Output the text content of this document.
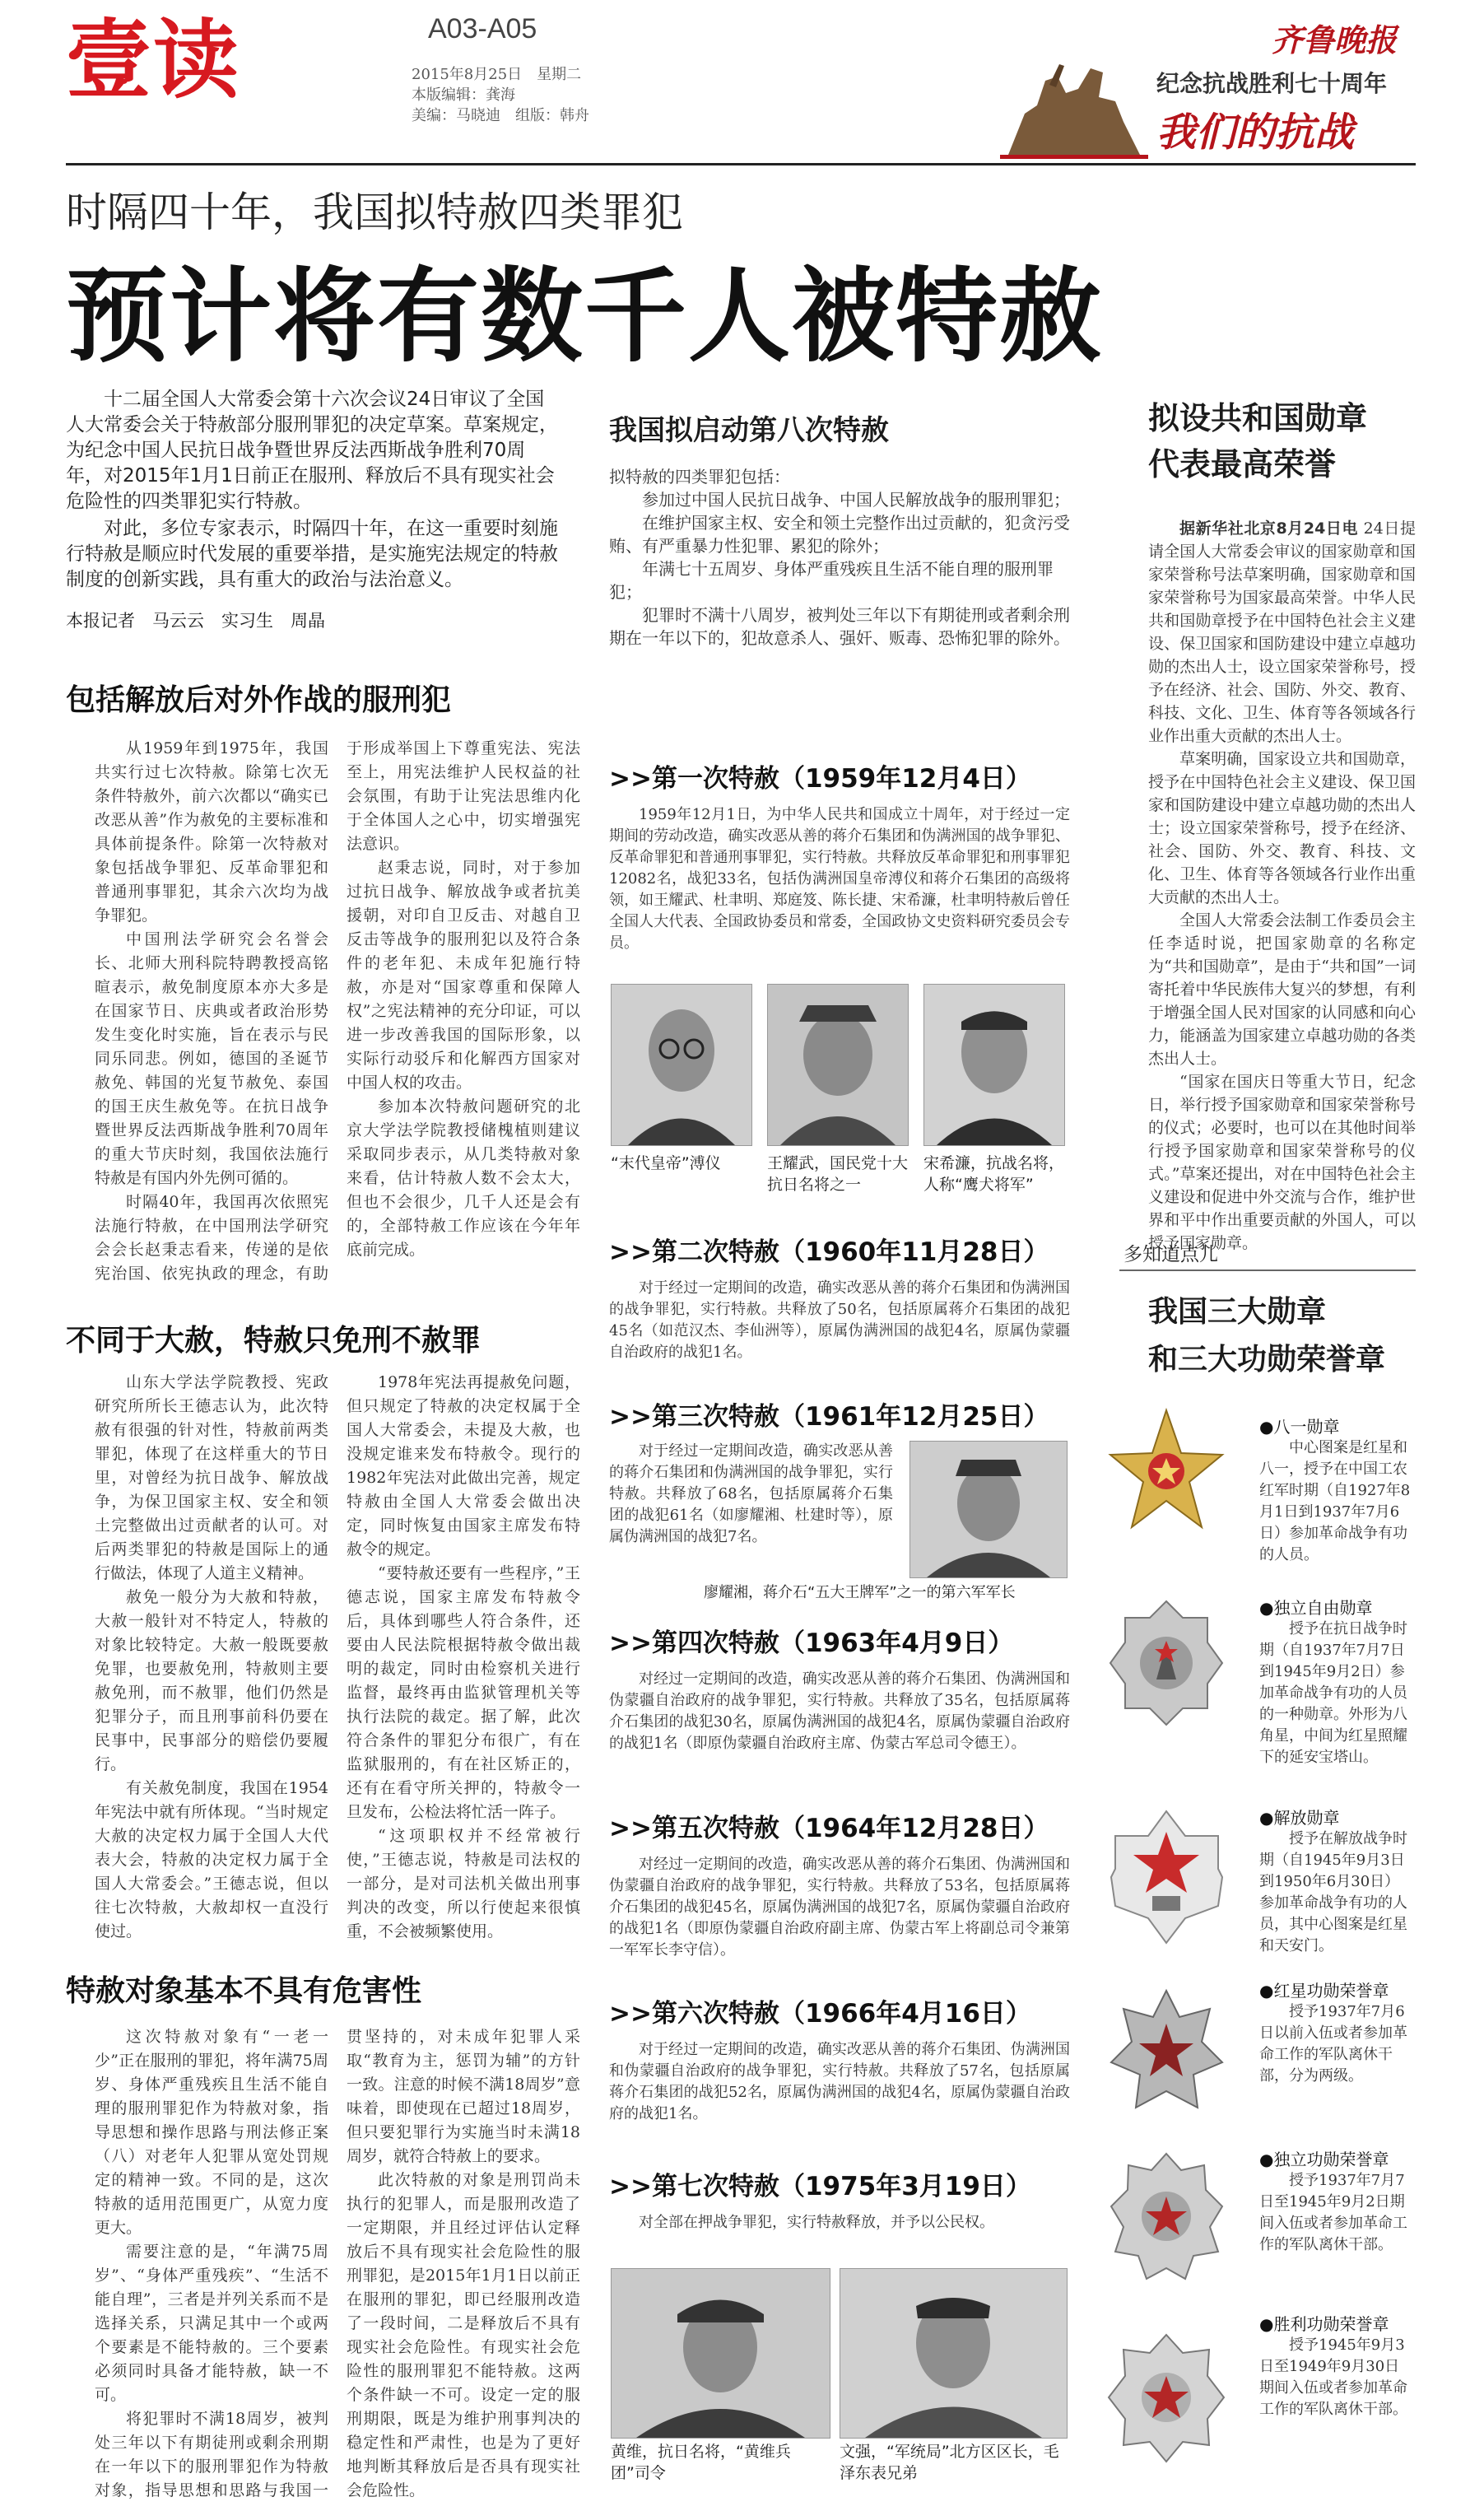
壹读	A03-A05
2015年8月25日　星期二
本版编辑：龚海
美编：马晓迪　组版：韩舟
齐鲁晚报
纪念抗战胜利七十周年
我们的抗战
时隔四十年，我国拟特赦四类罪犯
预计将有数千人被特赦

十二届全国人大常委会第十六次会议24日审议了全国人大常委会关于特赦部分服刑罪犯的决定草案。草案规定，为纪念中国人民抗日战争暨世界反法西斯战争胜利70周年，对2015年1月1日前正在服刑、释放后不具有现实社会危险性的四类罪犯实行特赦。

对此，多位专家表示，时隔四十年，在这一重要时刻施行特赦是顺应时代发展的重要举措，是实施宪法规定的特赦制度的创新实践，具有重大的政治与法治意义。

本报记者　马云云　实习生　周晶
包括解放后对外作战的服刑犯

从1959年到1975年，我国共实行过七次特赦。除第七次无条件特赦外，前六次都以“确实已改恶从善”作为赦免的主要标准和具体前提条件。除第一次特赦对象包括战争罪犯、反革命罪犯和普通刑事罪犯，其余六次均为战争罪犯。

中国刑法学研究会名誉会长、北师大刑科院特聘教授高铭暄表示，赦免制度原本亦大多是在国家节日、庆典或者政治形势发生变化时实施，旨在表示与民同乐同悲。例如，德国的圣诞节赦免、韩国的光复节赦免、泰国的国王庆生赦免等。在抗日战争暨世界反法西斯战争胜利70周年的重大节庆时刻，我国依法施行特赦是有国内外先例可循的。

时隔40年，我国再次依照宪法施行特赦，在中国刑法学研究会会长赵秉志看来，传递的是依宪治国、依宪执政的理念，有助于形成举国上下尊重宪法、宪法至上，用宪法维护人民权益的社会氛围，有助于让宪法思维内化于全体国人之心中，切实增强宪法意识。

赵秉志说，同时，对于参加过抗日战争、解放战争或者抗美援朝，对印自卫反击、对越自卫反击等战争的服刑犯以及符合条件的老年犯、未成年犯施行特赦，亦是对“国家尊重和保障人权”之宪法精神的充分印证，可以进一步改善我国的国际形象，以实际行动驳斥和化解西方国家对中国人权的攻击。

参加本次特赦问题研究的北京大学法学院教授储槐植则建议采取同步表示，从几类特赦对象来看，估计特赦人数不会太大，但也不会很少，几千人还是会有的，全部特赦工作应该在今年年底前完成。

不同于大赦，特赦只免刑不赦罪

山东大学法学院教授、宪政研究所所长王德志认为，此次特赦有很强的针对性，特赦前两类罪犯，体现了在这样重大的节日里，对曾经为抗日战争、解放战争，为保卫国家主权、安全和领土完整做出过贡献者的认可。对后两类罪犯的特赦是国际上的通行做法，体现了人道主义精神。

赦免一般分为大赦和特赦，大赦一般针对不特定人，特赦的对象比较特定。大赦一般既要赦免罪，也要赦免刑，特赦则主要赦免刑，而不赦罪，他们仍然是犯罪分子，而且刑事前科仍要在民事中，民事部分的赔偿仍要履行。

有关赦免制度，我国在1954年宪法中就有所体现。“当时规定大赦的决定权力属于全国人大代表大会，特赦的决定权力属于全国人大常委会。”王德志说，但以往七次特赦，大赦却权一直没行使过。

1978年宪法再提赦免问题，但只规定了特赦的决定权属于全国人大常委会，未提及大赦，也没规定谁来发布特赦令。现行的1982年宪法对此做出完善，规定特赦由全国人大常委会做出决定，同时恢复由国家主席发布特赦令的规定。

“要特赦还要有一些程序，”王德志说，国家主席发布特赦令后，具体到哪些人符合条件，还要由人民法院根据特赦令做出裁明的裁定，同时由检察机关进行监督，最终再由监狱管理机关等执行法院的裁定。据了解，此次符合条件的罪犯分布很广，有在监狱服刑的，有在社区矫正的，还有在看守所关押的，特赦令一旦发布，公检法将忙活一阵子。

“这项职权并不经常被行使，”王德志说，特赦是司法权的一部分，是对司法机关做出刑事判决的改变，所以行使起来很慎重，不会被频繁使用。

特赦对象基本不具有危害性

这次特赦对象有“一老一少”正在服刑的罪犯，将年满75周岁、身体严重残疾且生活不能自理的服刑罪犯作为特赦对象，指导思想和操作思路与刑法修正案（八）对老年人犯罪从宽处罚规定的精神一致。不同的是，这次特赦的适用范围更广，从宽力度更大。

需要注意的是，“年满75周岁”、“身体严重残疾”、“生活不能自理”，三者是并列关系而不是选择关系，只满足其中一个或两个要素是不能特赦的。三个要素必须同时具备才能特赦，缺一不可。

将犯罪时不满18周岁，被判处三年以下有期徒刑或剩余刑期在一年以下的服刑罪犯作为特赦对象，指导思想和思路与我国一贯坚持的，对未成年犯罪人采取“教育为主，惩罚为辅”的方针一致。注意的时候不满18周岁”意味着，即使现在已超过18周岁，但只要犯罪行为实施当时未满18周岁，就符合特赦上的要求。

此次特赦的对象是刑罚尚未执行的犯罪人，而是服刑改造了一定期限，并且经过评估认定释放后不具有现实社会危险性的服刑罪犯，是2015年1月1日以前正在服刑的罪犯，即已经服刑改造了一段时间，二是释放后不具有现实社会危险性。有现实社会危险性的服刑罪犯不能特赦。这两个条件缺一不可。设定一定的服刑期限，既是为维护刑事判决的稳定性和严肃性，也是为了更好地判断其释放后是否具有现实社会危险性。

我国拟启动第八次特赦

拟特赦的四类罪犯包括：

参加过中国人民抗日战争、中国人民解放战争的服刑罪犯；

在维护国家主权、安全和领土完整作出过贡献的，犯贪污受贿、有严重暴力性犯罪、累犯的除外；

年满七十五周岁、身体严重残疾且生活不能自理的服刑罪犯；

犯罪时不满十八周岁，被判处三年以下有期徒刑或者剩余刑期在一年以下的，犯故意杀人、强奸、贩毒、恐怖犯罪的除外。

>>第一次特赦（1959年12月4日）

1959年12月1日，为中华人民共和国成立十周年，对于经过一定期间的劳动改造，确实改恶从善的蒋介石集团和伪满洲国的战争罪犯、反革命罪犯和普通刑事罪犯，实行特赦。共释放反革命罪犯和刑事罪犯12082名，战犯33名，包括伪满洲国皇帝溥仪和蒋介石集团的高级将领，如王耀武、杜聿明、郑庭笈、陈长捷、宋希濂，杜聿明特赦后曾任全国人大代表、全国政协委员和常委，全国政协文史资料研究委员会专员。

“末代皇帝”溥仪	王耀武，国民党十大抗日名将之一
宋希濂，抗战名将，人称“鹰犬将军”
>>第二次特赦（1960年11月28日）

对于经过一定期间的改造，确实改恶从善的蒋介石集团和伪满洲国的战争罪犯，实行特赦。共释放了50名，包括原属蒋介石集团的战犯45名（如范汉杰、李仙洲等），原属伪满洲国的战犯4名，原属伪蒙疆自治政府的战犯1名。

>>第三次特赦（1961年12月25日）

对于经过一定期间改造，确实改恶从善的蒋介石集团和伪满洲国的战争罪犯，实行特赦。共释放了68名，包括原属蒋介石集团的战犯61名（如廖耀湘、杜建时等），原属伪满洲国的战犯7名。

廖耀湘，蒋介石“五大王牌军”之一的第六军军长
>>第四次特赦（1963年4月9日）

对经过一定期间的改造，确实改恶从善的蒋介石集团、伪满洲国和伪蒙疆自治政府的战争罪犯，实行特赦。共释放了35名，包括原属蒋介石集团的战犯30名，原属伪满洲国的战犯4名，原属伪蒙疆自治政府的战犯1名（即原伪蒙疆自治政府主席、伪蒙古军总司令德王）。

>>第五次特赦（1964年12月28日）

对经过一定期间的改造，确实改恶从善的蒋介石集团、伪满洲国和伪蒙疆自治政府的战争罪犯，实行特赦。共释放了53名，包括原属蒋介石集团的战犯45名，原属伪满洲国的战犯7名，原属伪蒙疆自治政府的战犯1名（即原伪蒙疆自治政府副主席、伪蒙古军上将副总司令兼第一军军长李守信）。

>>第六次特赦（1966年4月16日）

对于经过一定期间的改造，确实改恶从善的蒋介石集团、伪满洲国和伪蒙疆自治政府的战争罪犯，实行特赦。共释放了57名，包括原属蒋介石集团的战犯52名，原属伪满洲国的战犯4名，原属伪蒙疆自治政府的战犯1名。

>>第七次特赦（1975年3月19日）

对全部在押战争罪犯，实行特赦释放，并予以公民权。

黄维，抗日名将，“黄维兵团”司令
文强，“军统局”北方区区长，毛泽东表兄弟
拟设共和国勋章
代表最高荣誉

据新华社北京8月24日电 24日提请全国人大常委会审议的国家勋章和国家荣誉称号法草案明确，国家勋章和国家荣誉称号为国家最高荣誉。中华人民共和国勋章授予在中国特色社会主义建设、保卫国家和国防建设中建立卓越功勋的杰出人士，设立国家荣誉称号，授予在经济、社会、国防、外交、教育、科技、文化、卫生、体育等各领域各行业作出重大贡献的杰出人士。

草案明确，国家设立共和国勋章，授予在中国特色社会主义建设、保卫国家和国防建设中建立卓越功勋的杰出人士；设立国家荣誉称号，授予在经济、社会、国防、外交、教育、科技、文化、卫生、体育等各领域各行业作出重大贡献的杰出人士。

全国人大常委会法制工作委员会主任李适时说，把国家勋章的名称定为“共和国勋章”，是由于“共和国”一词寄托着中华民族伟大复兴的梦想，有利于增强全国人民对国家的认同感和向心力，能涵盖为国家建立卓越功勋的各类杰出人士。

“国家在国庆日等重大节日，纪念日，举行授予国家勋章和国家荣誉称号的仪式；必要时，也可以在其他时间举行授予国家勋章和国家荣誉称号的仪式。”草案还提出，对在中国特色社会主义建设和促进中外交流与合作，维护世界和平中作出重要贡献的外国人，可以授予国家勋章。

多知道点儿
我国三大勋章
和三大功勋荣誉章
●八一勋章
中心图案是红星和八一，授予在中国工农红军时期（自1927年8月1日到1937年7月6日）参加革命战争有功的人员。
●独立自由勋章
授予在抗日战争时期（自1937年7月7日到1945年9月2日）参加革命战争有功的人员的一种勋章。外形为八角星，中间为红星照耀下的延安宝塔山。
●解放勋章
授予在解放战争时期（自1945年9月3日到1950年6月30日）参加革命战争有功的人员，其中心图案是红星和天安门。
●红星功勋荣誉章
授予1937年7月6日以前入伍或者参加革命工作的军队离休干部，分为两级。
●独立功勋荣誉章
授予1937年7月7日至1945年9月2日期间入伍或者参加革命工作的军队离休干部。
●胜利功勋荣誉章
授予1945年9月3日至1949年9月30日期间入伍或者参加革命工作的军队离休干部。
